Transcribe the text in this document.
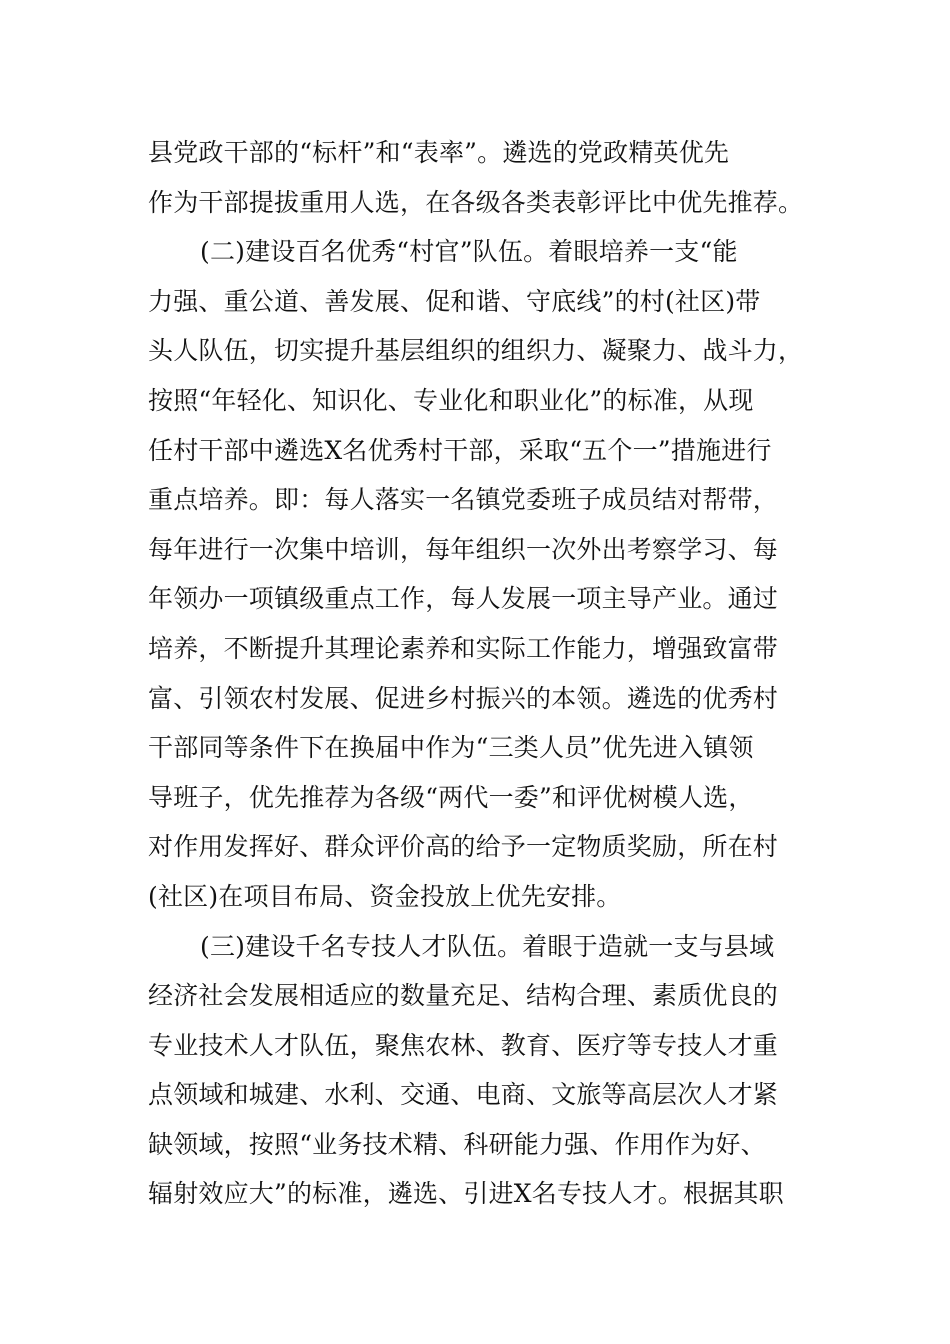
县党政干部的“标杆”和“表率”。遴选的党政精英优先
作为干部提拔重用人选，在各级各类表彰评比中优先推荐。
(二)建设百名优秀“村官”队伍。着眼培养一支“能
力强、重公道、善发展、促和谐、守底线”的村(社区)带
头人队伍，切实提升基层组织的组织力、凝聚力、战斗力，
按照“年轻化、知识化、专业化和职业化”的标准，从现
任村干部中遴选X名优秀村干部，采取“五个一”措施进行
重点培养。即：每人落实一名镇党委班子成员结对帮带，
每年进行一次集中培训，每年组织一次外出考察学习、每
年领办一项镇级重点工作，每人发展一项主导产业。通过
培养，不断提升其理论素养和实际工作能力，增强致富带
富、引领农村发展、促进乡村振兴的本领。遴选的优秀村
干部同等条件下在换届中作为“三类人员”优先进入镇领
导班子，优先推荐为各级“两代一委”和评优树模人选，
对作用发挥好、群众评价高的给予一定物质奖励，所在村
(社区)在项目布局、资金投放上优先安排。
(三)建设千名专技人才队伍。着眼于造就一支与县域
经济社会发展相适应的数量充足、结构合理、素质优良的
专业技术人才队伍，聚焦农林、教育、医疗等专技人才重
点领域和城建、水利、交通、电商、文旅等高层次人才紧
缺领域，按照“业务技术精、科研能力强、作用作为好、
辐射效应大”的标准，遴选、引进X名专技人才。根据其职
